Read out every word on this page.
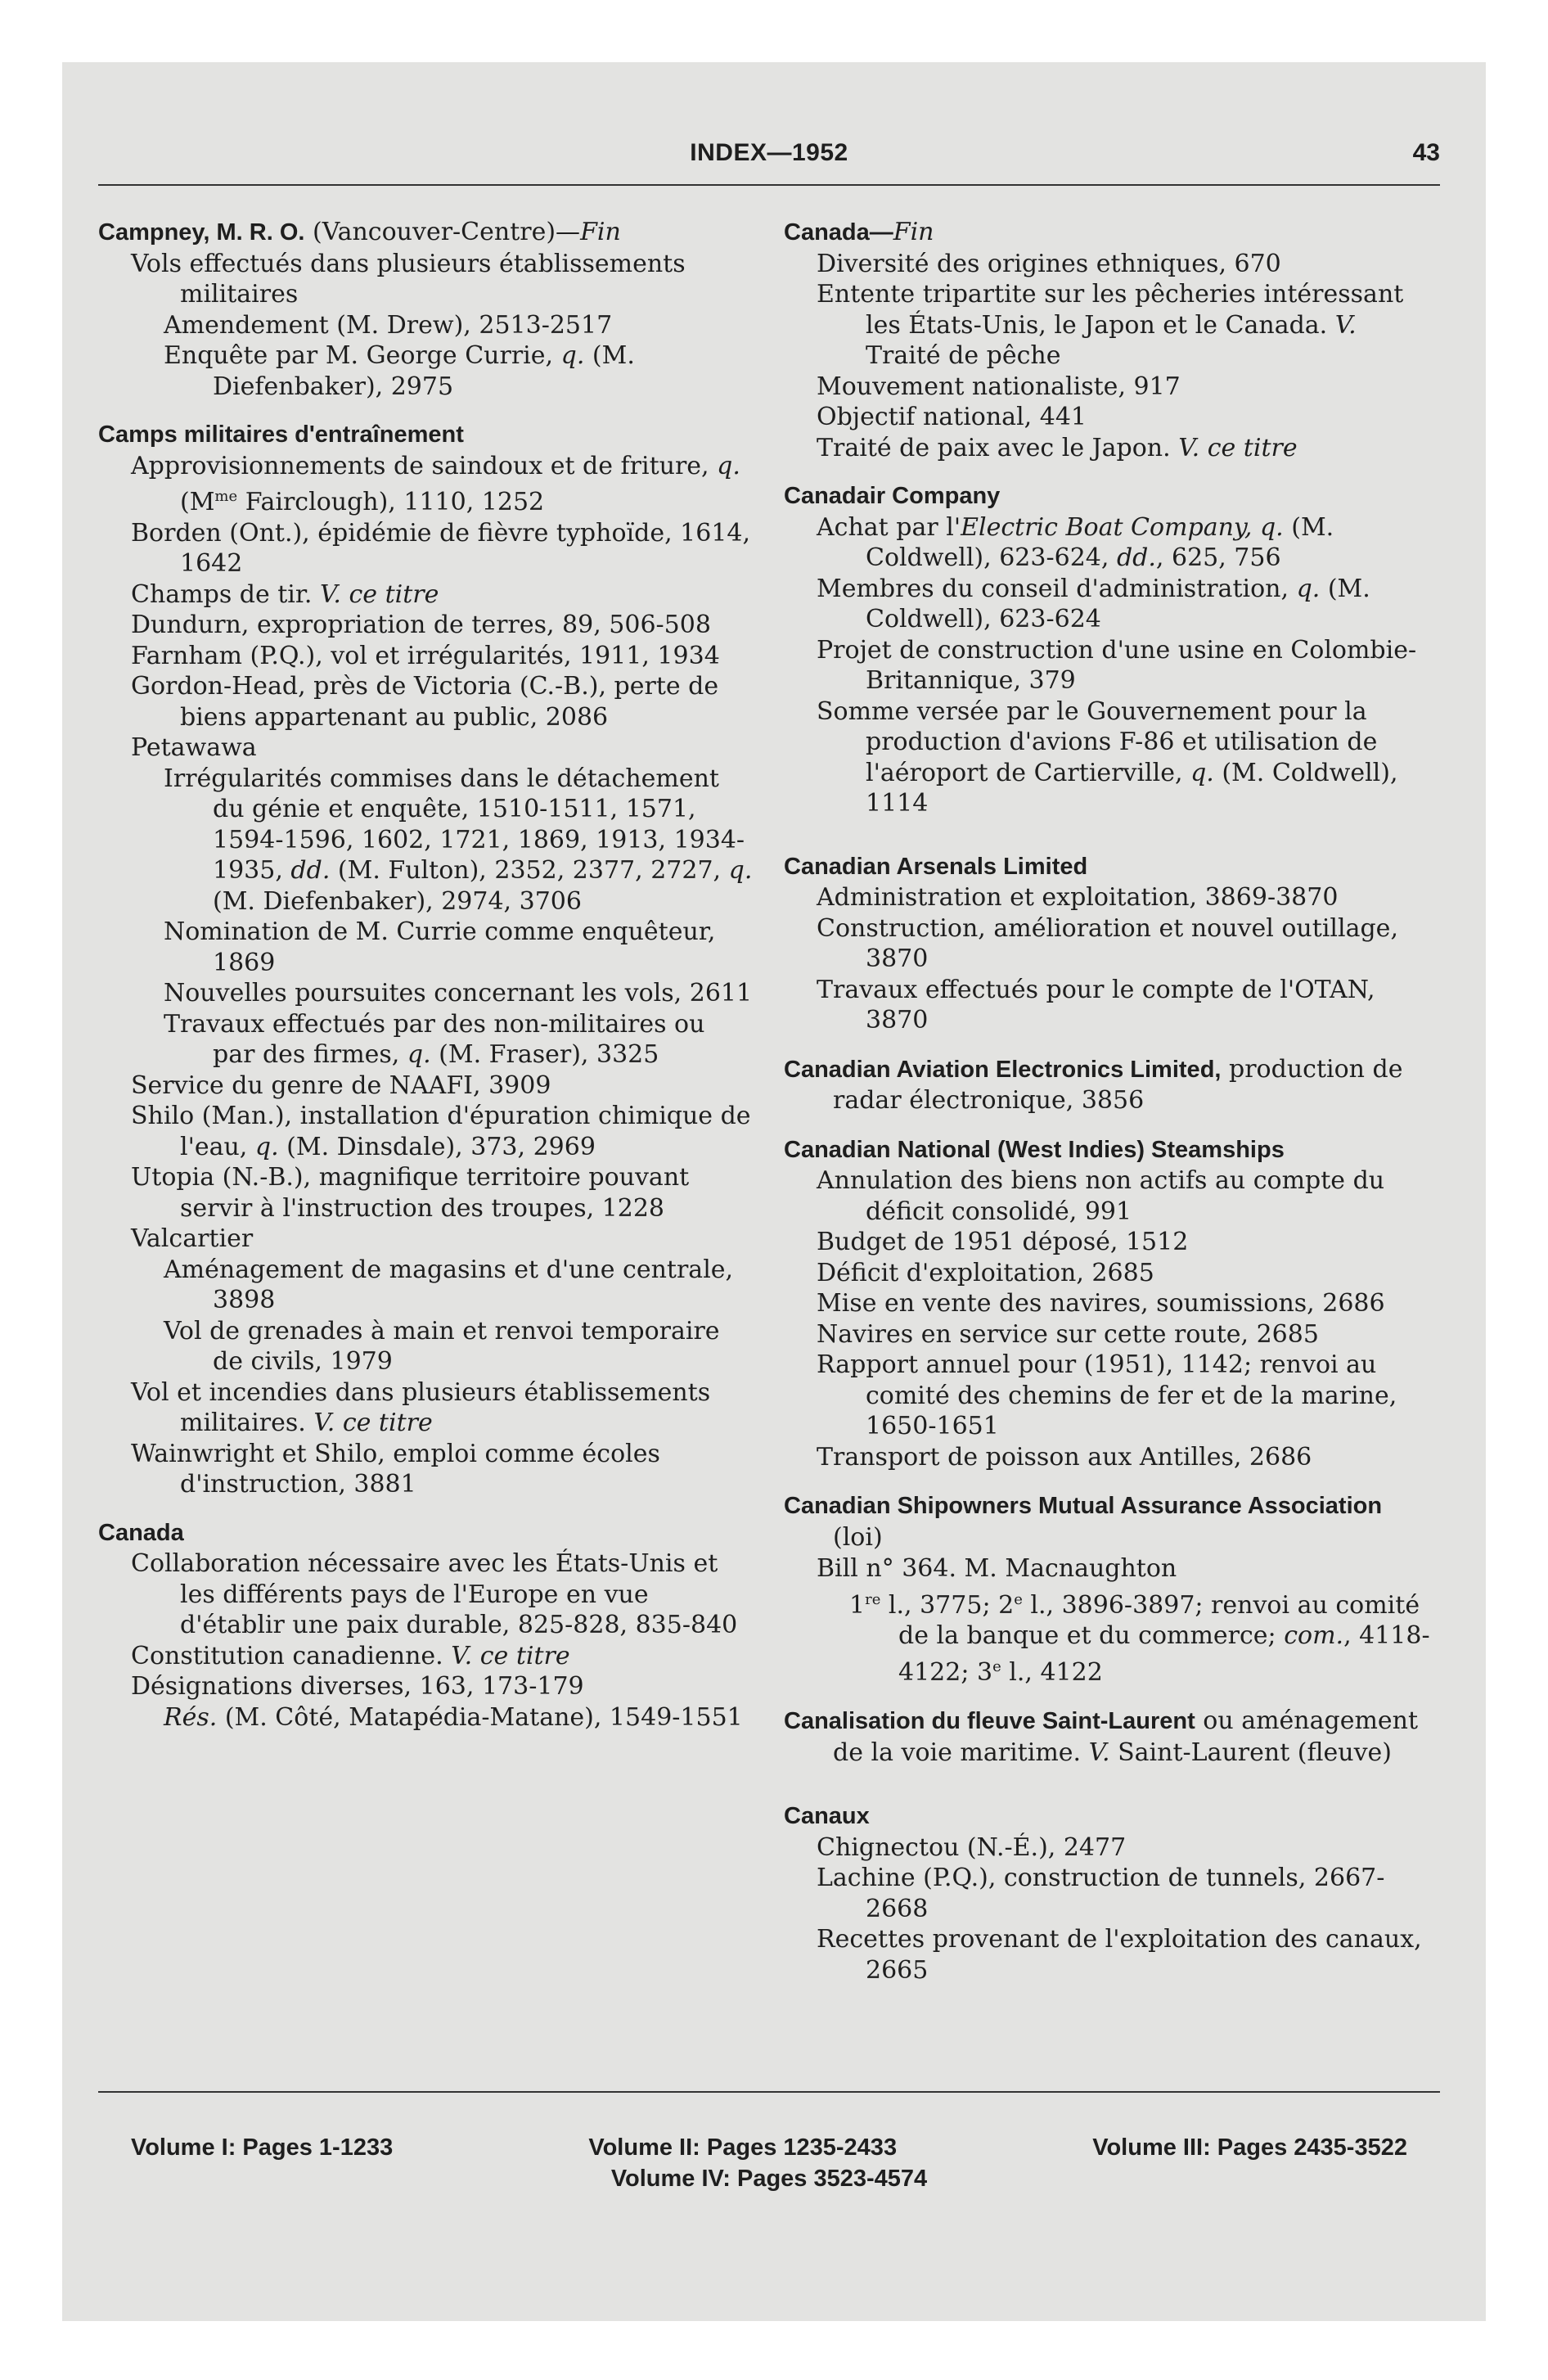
INDEX—1952	43
Campney, M. R. O. (Vancouver-Centre)—Fin
Vols effectués dans plusieurs établissements militaires
Amendement (M. Drew), 2513-2517
Enquête par M. George Currie, q. (M. Diefenbaker), 2975
Camps militaires d'entraînement
Approvisionnements de saindoux et de friture, q. ($M^{me}$ Fairclough), 1110, 1252
Borden (Ont.), épidémie de fièvre typhoïde, 1614, 1642
Champs de tir. V. ce titre
Dundurn, expropriation de terres, 89, 506-508
Farnham (P.Q.), vol et irrégularités, 1911, 1934
Gordon-Head, près de Victoria (C.-B.), perte de biens appartenant au public, 2086
Petawawa
Irrégularités commises dans le détachement du génie et enquête, 1510-1511, 1571, 1594-1596, 1602, 1721, 1869, 1913, 1934-1935, dd. (M. Fulton), 2352, 2377, 2727, q. (M. Diefenbaker), 2974, 3706
Nomination de M. Currie comme enquêteur, 1869
Nouvelles poursuites concernant les vols, 2611
Travaux effectués par des non-militaires ou par des firmes, q. (M. Fraser), 3325
Service du genre de NAAFI, 3909
Shilo (Man.), installation d'épuration chimique de l'eau, q. (M. Dinsdale), 373, 2969
Utopia (N.-B.), magnifique territoire pouvant servir à l'instruction des troupes, 1228
Valcartier
Aménagement de magasins et d'une centrale, 3898
Vol de grenades à main et renvoi temporaire de civils, 1979
Vol et incendies dans plusieurs établissements militaires. V. ce titre
Wainwright et Shilo, emploi comme écoles d'instruction, 3881
Canada
Collaboration nécessaire avec les États-Unis et les différents pays de l'Europe en vue d'établir une paix durable, 825-828, 835-840
Constitution canadienne. V. ce titre
Désignations diverses, 163, 173-179
Rés. (M. Côté, Matapédia-Matane), 1549-1551
Canada—Fin
Diversité des origines ethniques, 670
Entente tripartite sur les pêcheries intéressant les États-Unis, le Japon et le Canada. V. Traité de pêche
Mouvement nationaliste, 917
Objectif national, 441
Traité de paix avec le Japon. V. ce titre
Canadair Company
Achat par l'Electric Boat Company, q. (M. Coldwell), 623-624, dd., 625, 756
Membres du conseil d'administration, q. (M. Coldwell), 623-624
Projet de construction d'une usine en Colombie-Britannique, 379
Somme versée par le Gouvernement pour la production d'avions F-86 et utilisation de l'aéroport de Cartierville, q. (M. Coldwell), 1114
Canadian Arsenals Limited
Administration et exploitation, 3869-3870
Construction, amélioration et nouvel outillage, 3870
Travaux effectués pour le compte de l'OTAN, 3870
Canadian Aviation Electronics Limited, production de radar électronique, 3856
Canadian National (West Indies) Steamships
Annulation des biens non actifs au compte du déficit consolidé, 991
Budget de 1951 déposé, 1512
Déficit d'exploitation, 2685
Mise en vente des navires, soumissions, 2686
Navires en service sur cette route, 2685
Rapport annuel pour (1951), 1142; renvoi au comité des chemins de fer et de la marine, 1650-1651
Transport de poisson aux Antilles, 2686
Canadian Shipowners Mutual Assurance Association (loi)
Bill n° 364. M. Macnaughton
1re l., 3775; 2e l., 3896-3897; renvoi au comité de la banque et du commerce; com., 4118-4122; 3e l., 4122
Canalisation du fleuve Saint-Laurent ou aménagement de la voie maritime. V. Saint-Laurent (fleuve)
Canaux
Chignectou (N.-É.), 2477
Lachine (P.Q.), construction de tunnels, 2667-2668
Recettes provenant de l'exploitation des canaux, 2665
Volume I: Pages 1-1233	Volume II: Pages 1235-2433	Volume III: Pages 2435-3522
Volume IV: Pages 3523-4574
